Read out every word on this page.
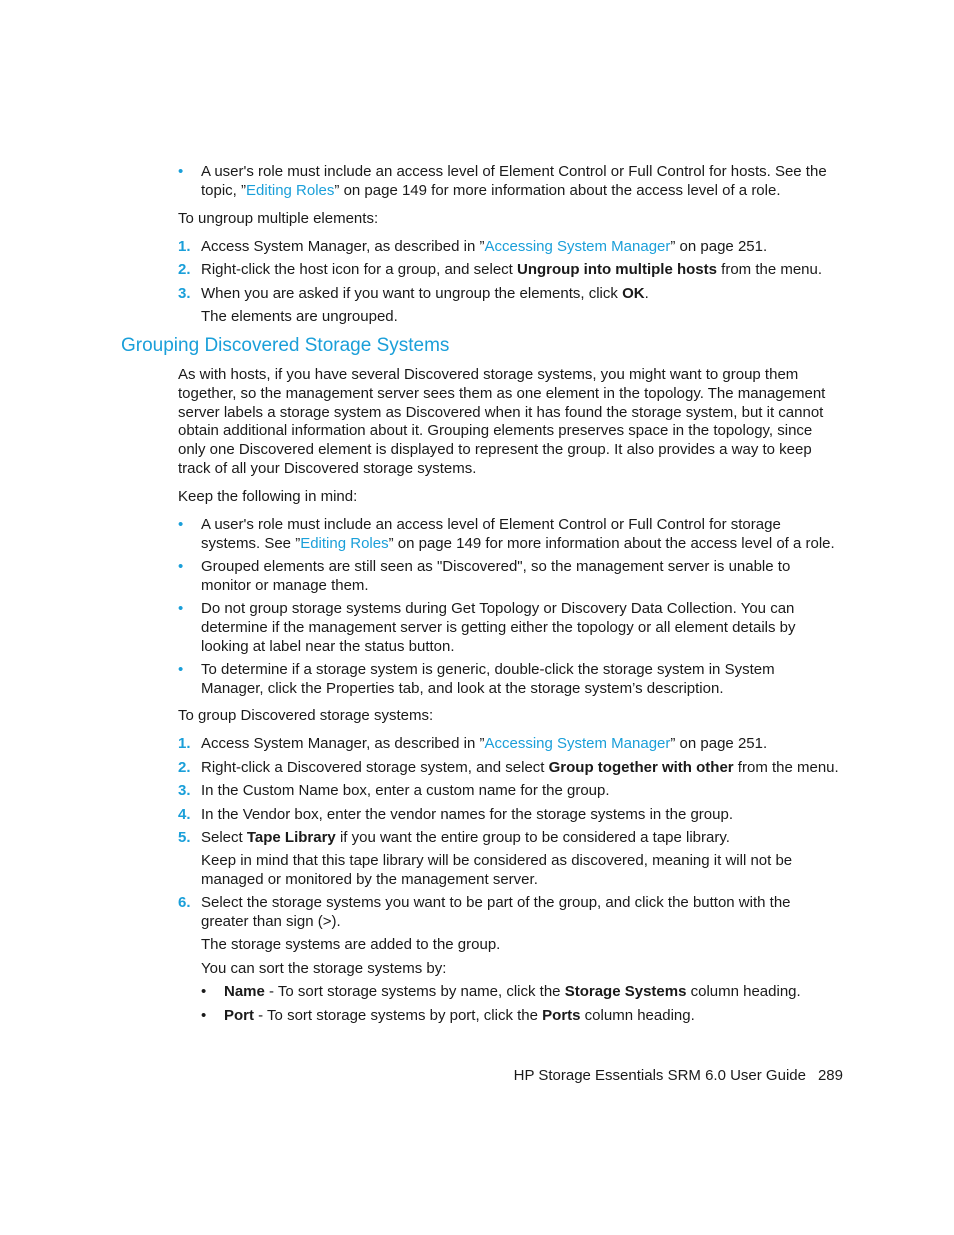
• A user's role must include an access level of Element Control or Full Control for hosts. See the topic, ”Editing Roles” on page 149 for more information about the access level of a role.
To ungroup multiple elements:
1. Access System Manager, as described in ”Accessing System Manager” on page 251.
2. Right-click the host icon for a group, and select Ungroup into multiple hosts from the menu.
3. When you are asked if you want to ungroup the elements, click OK.
The elements are ungrouped.
Grouping Discovered Storage Systems
As with hosts, if you have several Discovered storage systems, you might want to group them together, so the management server sees them as one element in the topology. The management server labels a storage system as Discovered when it has found the storage system, but it cannot obtain additional information about it. Grouping elements preserves space in the topology, since only one Discovered element is displayed to represent the group. It also provides a way to keep track of all your Discovered storage systems.
Keep the following in mind:
• A user's role must include an access level of Element Control or Full Control for storage systems. See ”Editing Roles” on page 149 for more information about the access level of a role.
• Grouped elements are still seen as "Discovered", so the management server is unable to monitor or manage them.
• Do not group storage systems during Get Topology or Discovery Data Collection. You can determine if the management server is getting either the topology or all element details by looking at label near the status button.
• To determine if a storage system is generic, double-click the storage system in System Manager, click the Properties tab, and look at the storage system’s description.
To group Discovered storage systems:
1. Access System Manager, as described in ”Accessing System Manager” on page 251.
2. Right-click a Discovered storage system, and select Group together with other from the menu.
3. In the Custom Name box, enter a custom name for the group.
4. In the Vendor box, enter the vendor names for the storage systems in the group.
5. Select Tape Library if you want the entire group to be considered a tape library.
Keep in mind that this tape library will be considered as discovered, meaning it will not be managed or monitored by the management server.
6. Select the storage systems you want to be part of the group, and click the button with the greater than sign (>).
The storage systems are added to the group.
You can sort the storage systems by:
• Name - To sort storage systems by name, click the Storage Systems column heading.
• Port - To sort storage systems by port, click the Ports column heading.
HP Storage Essentials SRM 6.0 User Guide 289
